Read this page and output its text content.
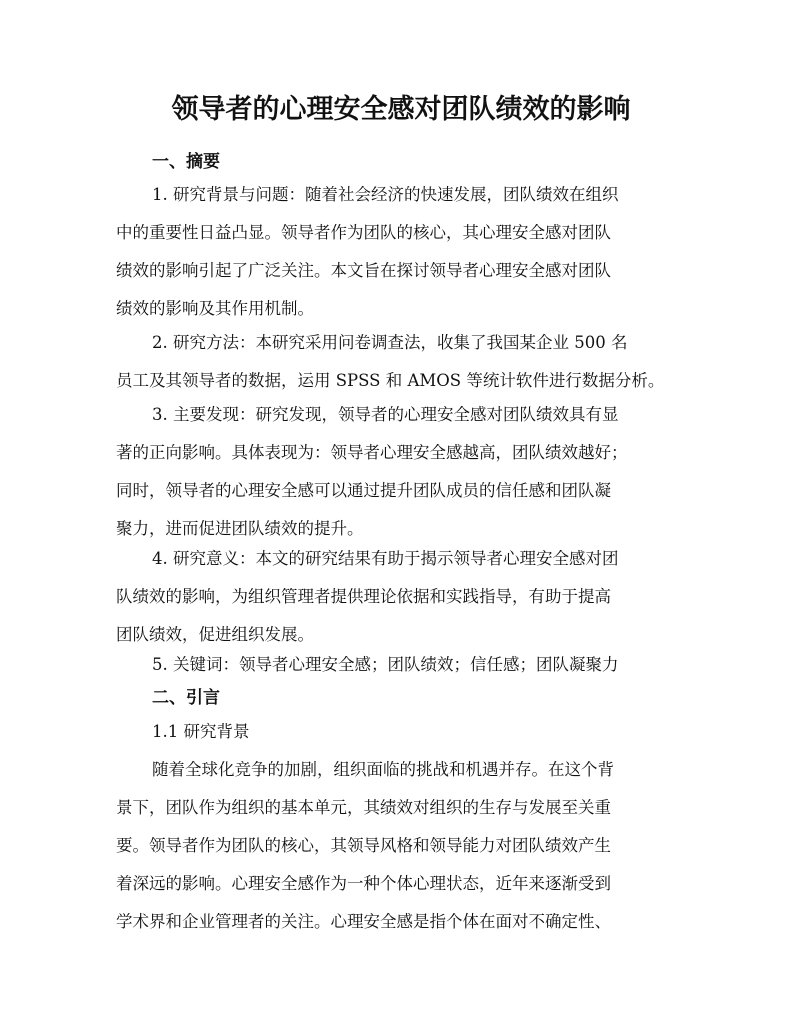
领导者的心理安全感对团队绩效的影响
一、摘要
1. 研究背景与问题：随着社会经济的快速发展，团队绩效在组织
中的重要性日益凸显。领导者作为团队的核心，其心理安全感对团队
绩效的影响引起了广泛关注。本文旨在探讨领导者心理安全感对团队
绩效的影响及其作用机制。
2. 研究方法：本研究采用问卷调查法，收集了我国某企业 500 名
员工及其领导者的数据，运用 SPSS 和 AMOS 等统计软件进行数据分析。
3. 主要发现：研究发现，领导者的心理安全感对团队绩效具有显
著的正向影响。具体表现为：领导者心理安全感越高，团队绩效越好；
同时，领导者的心理安全感可以通过提升团队成员的信任感和团队凝
聚力，进而促进团队绩效的提升。
4. 研究意义：本文的研究结果有助于揭示领导者心理安全感对团
队绩效的影响，为组织管理者提供理论依据和实践指导，有助于提高
团队绩效，促进组织发展。
5. 关键词：领导者心理安全感；团队绩效；信任感；团队凝聚力
二、引言
1.1 研究背景
随着全球化竞争的加剧，组织面临的挑战和机遇并存。在这个背
景下，团队作为组织的基本单元，其绩效对组织的生存与发展至关重
要。领导者作为团队的核心，其领导风格和领导能力对团队绩效产生
着深远的影响。心理安全感作为一种个体心理状态，近年来逐渐受到
学术界和企业管理者的关注。心理安全感是指个体在面对不确定性、
